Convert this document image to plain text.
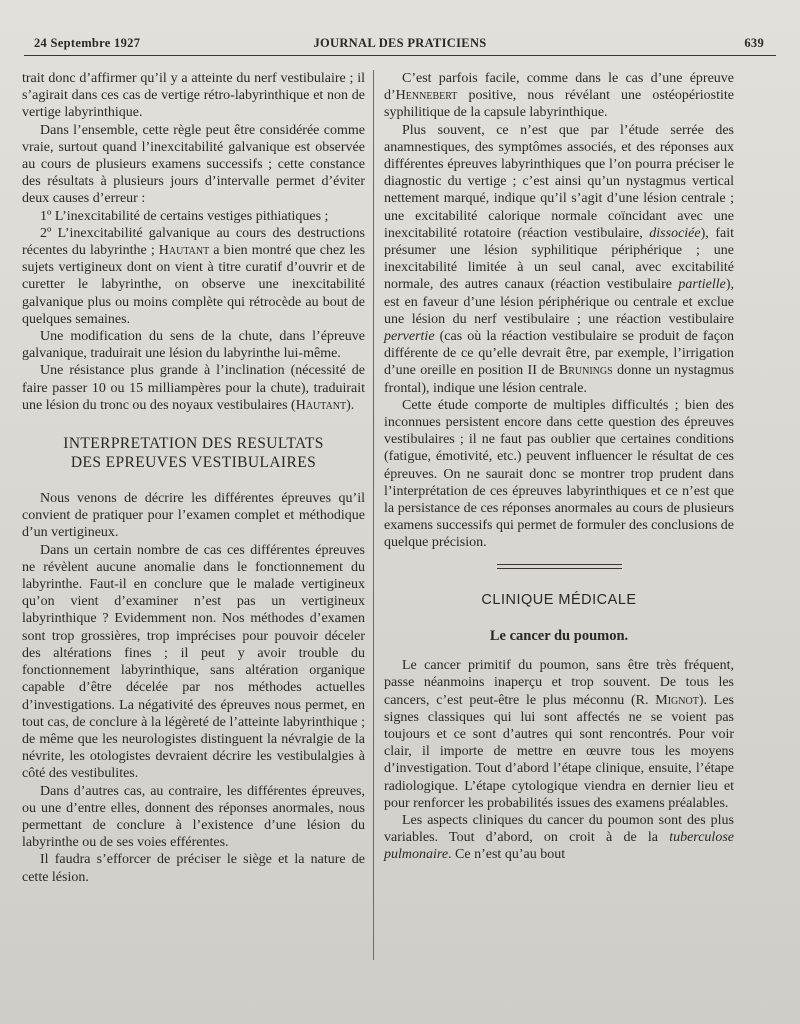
24 Septembre 1927	JOURNAL DES PRATICIENS	639

trait donc d’affirmer qu’il y a atteinte du nerf vestibulaire ; il s’agirait dans ces cas de vertige rétro-labyrinthique et non de vertige labyrinthique.

Dans l’ensemble, cette règle peut être considérée comme vraie, surtout quand l’inexcitabilité galvanique est observée au cours de plusieurs examens successifs ; cette constance des résultats à plusieurs jours d’intervalle permet d’éviter deux causes d’erreur :

1º L’inexcitabilité de certains vestiges pithiatiques ;

2º L’inexcitabilité galvanique au cours des destructions récentes du labyrinthe ; Hautant a bien montré que chez les sujets vertigineux dont on vient à titre curatif d’ouvrir et de curetter le labyrinthe, on observe une inexcitabilité galvanique plus ou moins complète qui rétrocède au bout de quelques semaines.

Une modification du sens de la chute, dans l’épreuve galvanique, traduirait une lésion du labyrinthe lui-même.

Une résistance plus grande à l’inclination (nécessité de faire passer 10 ou 15 milliampères pour la chute), traduirait une lésion du tronc ou des noyaux vestibulaires (Hautant).

INTERPRETATION DES RESULTATS
DES EPREUVES VESTIBULAIRES

Nous venons de décrire les différentes épreuves qu’il convient de pratiquer pour l’examen complet et méthodique d’un vertigineux.

Dans un certain nombre de cas ces différentes épreuves ne révèlent aucune anomalie dans le fonctionnement du labyrinthe. Faut-il en conclure que le malade vertigineux qu’on vient d’examiner n’est pas un vertigineux labyrinthique ? Evidemment non. Nos méthodes d’examen sont trop grossières, trop imprécises pour pouvoir déceler des altérations fines ; il peut y avoir trouble du fonctionnement labyrinthique, sans altération organique capable d’être décelée par nos méthodes actuelles d’investigations. La négativité des épreuves nous permet, en tout cas, de conclure à la légèreté de l’atteinte labyrinthique ; de même que les neurologistes distinguent la névralgie de la névrite, les otologistes devraient décrire les vestibulalgies à côté des vestibulites.

Dans d’autres cas, au contraire, les différentes épreuves, ou une d’entre elles, donnent des réponses anormales, nous permettant de conclure à l’existence d’une lésion du labyrinthe ou de ses voies efférentes.

Il faudra s’efforcer de préciser le siège et la nature de cette lésion.

C’est parfois facile, comme dans le cas d’une épreuve d’Hennebert positive, nous révélant une ostéopériostite syphilitique de la capsule labyrinthique.

Plus souvent, ce n’est que par l’étude serrée des anamnestiques, des symptômes associés, et des réponses aux différentes épreuves labyrinthiques que l’on pourra préciser le diagnostic du vertige ; c’est ainsi qu’un nystagmus vertical nettement marqué, indique qu’il s’agit d’une lésion centrale ; une excitabilité calorique normale coïncidant avec une inexcitabilité rotatoire (réaction vestibulaire, dissociée), fait présumer une lésion syphilitique périphérique ; une inexcitabilité limitée à un seul canal, avec excitabilité normale, des autres canaux (réaction vestibulaire partielle), est en faveur d’une lésion périphérique ou centrale et exclue une lésion du nerf vestibulaire ; une réaction vestibulaire pervertie (cas où la réaction vestibulaire se produit de façon différente de ce qu’elle devrait être, par exemple, l’irrigation d’une oreille en position II de Brunings donne un nystagmus frontal), indique une lésion centrale.

Cette étude comporte de multiples difficultés ; bien des inconnues persistent encore dans cette question des épreuves vestibulaires ; il ne faut pas oublier que certaines conditions (fatigue, émotivité, etc.) peuvent influencer le résultat de ces épreuves. On ne saurait donc se montrer trop prudent dans l’interprétation de ces épreuves labyrinthiques et ce n’est que la persistance de ces réponses anormales au cours de plusieurs examens successifs qui permet de formuler des conclusions de quelque précision.

CLINIQUE MÉDICALE
Le cancer du poumon.

Le cancer primitif du poumon, sans être très fréquent, passe néanmoins inaperçu et trop souvent. De tous les cancers, c’est peut-être le plus méconnu (R. Mignot). Les signes classiques qui lui sont affectés ne se voient pas toujours et ce sont d’autres qui sont rencontrés. Pour voir clair, il importe de mettre en œuvre tous les moyens d’investigation. Tout d’abord l’étape clinique, ensuite, l’étape radiologique. L’étape cytologique viendra en dernier lieu et pour renforcer les probabilités issues des examens préalables.

Les aspects cliniques du cancer du poumon sont des plus variables. Tout d’abord, on croit à de la tuberculose pulmonaire. Ce n’est qu’au bout
